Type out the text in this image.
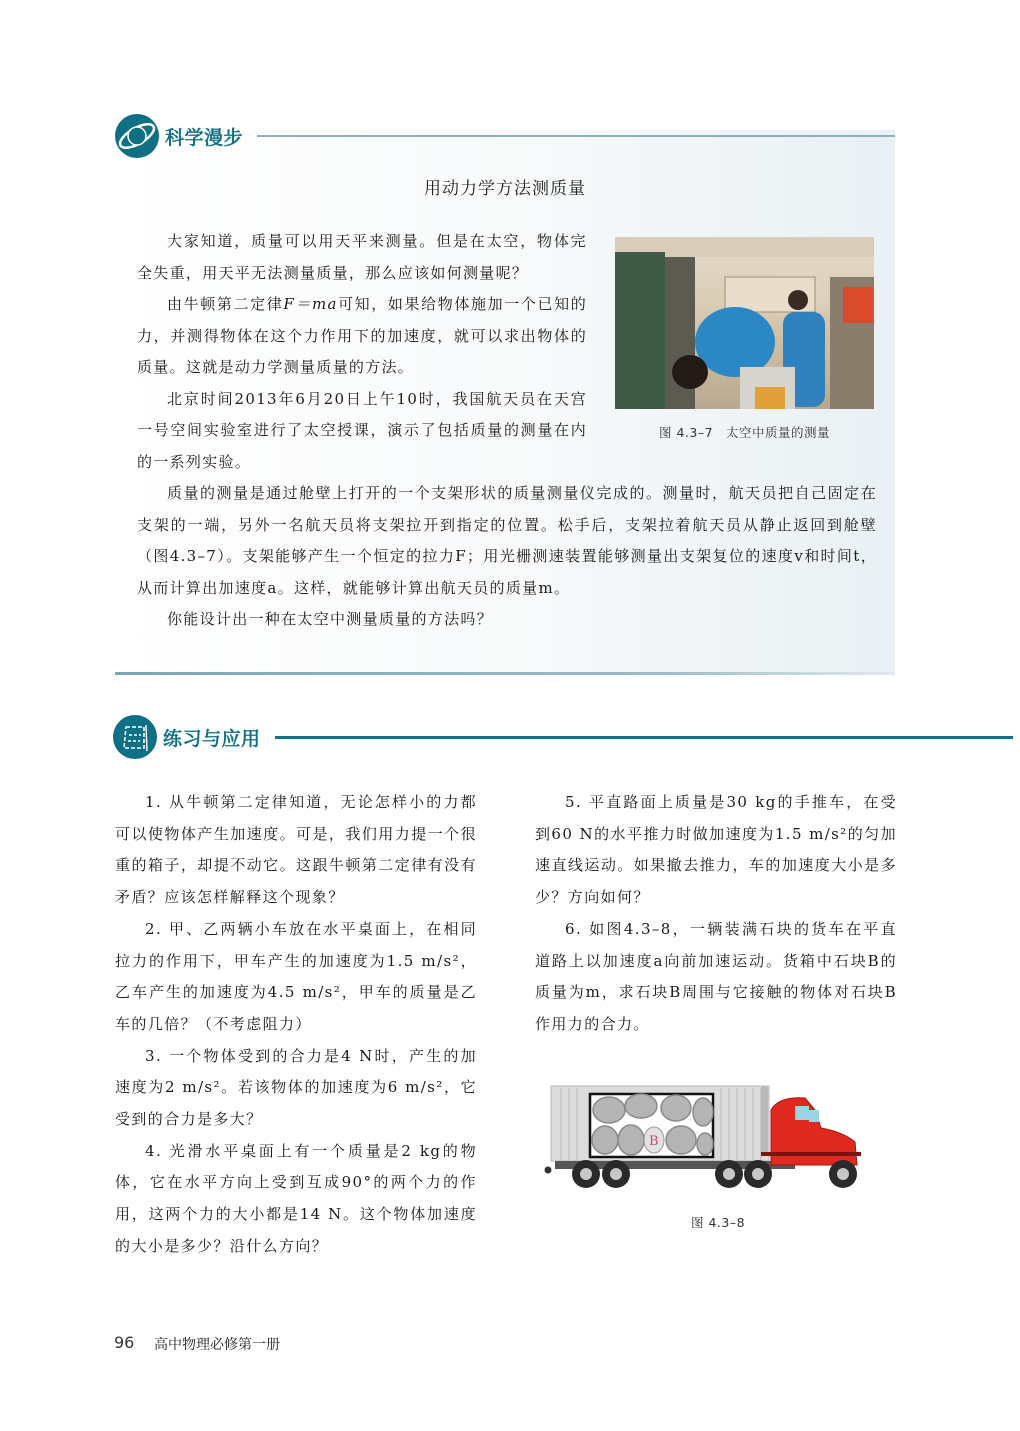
科学漫步
用动力学方法测质量

大家知道，质量可以用天平来测量。但是在太空，物体完全失重，用天平无法测量质量，那么应该如何测量呢？

由牛顿第二定律F＝ma可知，如果给物体施加一个已知的力，并测得物体在这个力作用下的加速度，就可以求出物体的质量。这就是动力学测量质量的方法。

北京时间2013年6月20日上午10时，我国航天员在天宫一号空间实验室进行了太空授课，演示了包括质量的测量在内的一系列实验。

图 4.3–7　太空中质量的测量

质量的测量是通过舱壁上打开的一个支架形状的质量测量仪完成的。测量时，航天员把自己固定在支架的一端，另外一名航天员将支架拉开到指定的位置。松手后，支架拉着航天员从静止返回到舱壁（图4.3–7）。支架能够产生一个恒定的拉力F；用光栅测速装置能够测量出支架复位的速度v和时间t，从而计算出加速度a。这样，就能够计算出航天员的质量m。

你能设计出一种在太空中测量质量的方法吗？

练习与应用

1. 从牛顿第二定律知道，无论怎样小的力都可以使物体产生加速度。可是，我们用力提一个很重的箱子，却提不动它。这跟牛顿第二定律有没有矛盾？应该怎样解释这个现象？

2. 甲、乙两辆小车放在水平桌面上，在相同拉力的作用下，甲车产生的加速度为1.5 m/s²，乙车产生的加速度为4.5 m/s²，甲车的质量是乙车的几倍？（不考虑阻力）

3. 一个物体受到的合力是4 N时，产生的加速度为2 m/s²。若该物体的加速度为6 m/s²，它受到的合力是多大？

4. 光滑水平桌面上有一个质量是2 kg的物体，它在水平方向上受到互成90°的两个力的作用，这两个力的大小都是14 N。这个物体加速度的大小是多少？沿什么方向？

5. 平直路面上质量是30 kg的手推车，在受到60 N的水平推力时做加速度为1.5 m/s²的匀加速直线运动。如果撤去推力，车的加速度大小是多少？方向如何？

6. 如图4.3–8，一辆装满石块的货车在平直道路上以加速度a向前加速运动。货箱中石块B的质量为m，求石块B周围与它接触的物体对石块B作用力的合力。

B
图 4.3–8
96 高中物理必修第一册
